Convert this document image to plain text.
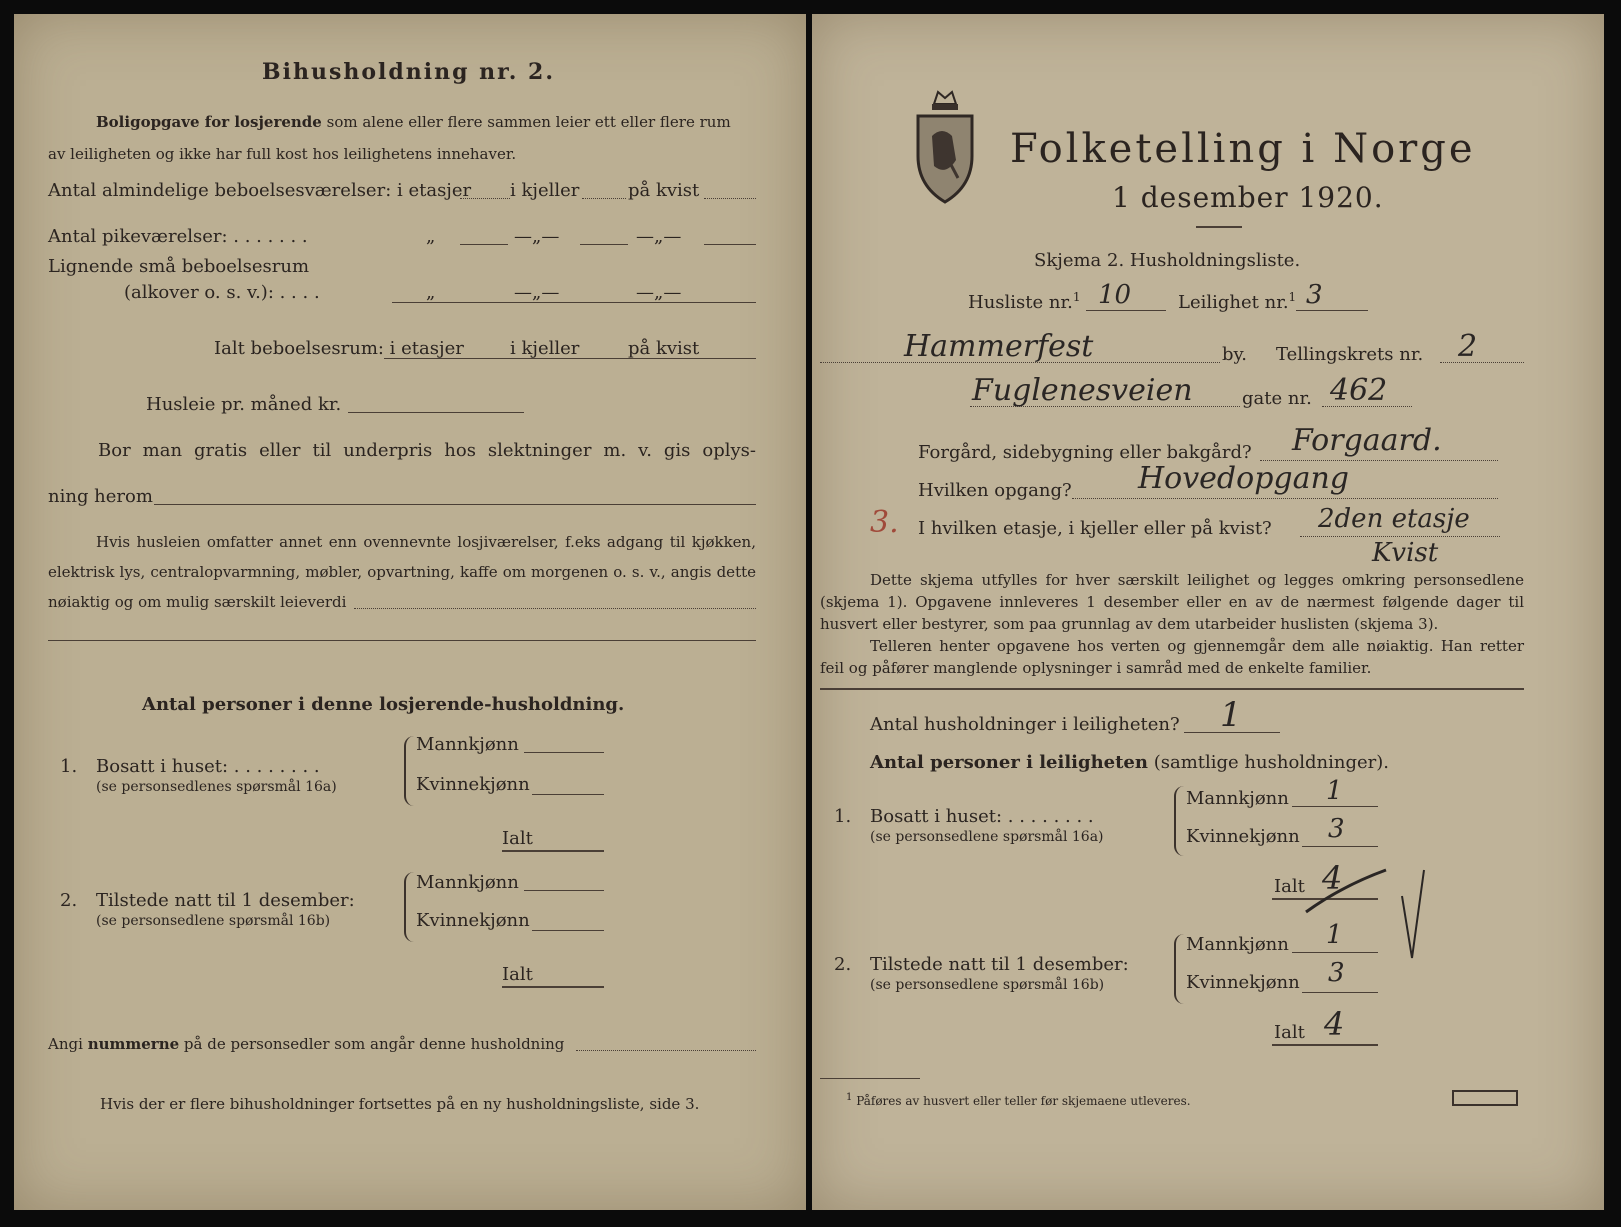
Bihusholdning nr. 2.
Boligopgave for losjerende som alene eller flere sammen leier ett eller flere rum
av leiligheten og ikke har full kost hos leilighetens innehaver.
Antal almindelige beboelsesværelser: i etasjer i kjeller	på kvist
Antal pikeværelser: . . . . . . .	„	—„—	—„—
Lignende små beboelsesrum
(alkover o. s. v.): . . . .	„	—„—	—„—
Ialt beboelsesrum: i etasjer	i kjeller	på kvist
Husleie pr. måned kr.
Bor man gratis eller til underpris hos slektninger m. v. gis oplys-
ning herom
Hvis husleien omfatter annet enn ovennevnte losjiværelser, f.eks adgang til kjøkken,
elektrisk lys, centralopvarmning, møbler, opvartning, kaffe om morgenen o. s. v., angis dette
nøiaktig og om mulig særskilt leieverdi
Antal personer i denne losjerende-husholdning.
1. Bosatt i huset: . . . . . . . .
(se personsedlenes spørsmål 16a)
Mannkjønn
Kvinnekjønn
Ialt
2. Tilstede natt til 1 desember:
(se personsedlene spørsmål 16b)
Mannkjønn
Kvinnekjønn
Ialt
Angi nummerne på de personsedler som angår denne husholdning
Hvis der er flere bihusholdninger fortsettes på en ny husholdningsliste, side 3.
Folketelling i Norge
1 desember 1920.
Skjema 2. Husholdningsliste.
Husliste nr.$^1$ 10	Leilighet nr.$^1$ 3
Hammerfest	by. Tellingskrets nr. 2
Fuglenesveien	gate nr. 462
Forgård, sidebygning eller bakgård? Forgaard.
Hvilken opgang? Hovedopgang
3. I hvilken etasje, i kjeller eller på kvist? 2den etasje
Kvist
Dette skjema utfylles for hver særskilt leilighet og legges omkring personsedlene
(skjema 1). Opgavene innleveres 1 desember eller en av de nærmest følgende dager til
husvert eller bestyrer, som paa grunnlag av dem utarbeider huslisten (skjema 3).
Telleren henter opgavene hos verten og gjennemgår dem alle nøiaktig. Han retter
feil og påfører manglende oplysninger i samråd med de enkelte familier.
Antal husholdninger i leiligheten? 1
Antal personer i leiligheten (samtlige husholdninger).
1. Bosatt i huset: . . . . . . . .
(se personsedlene spørsmål 16a)
Mannkjønn 1
Kvinnekjønn 3
Ialt 4
2. Tilstede natt til 1 desember:
(se personsedlene spørsmål 16b)
Mannkjønn 1
Kvinnekjønn 3
Ialt 4
$^1$ Påføres av husvert eller teller før skjemaene utleveres.
